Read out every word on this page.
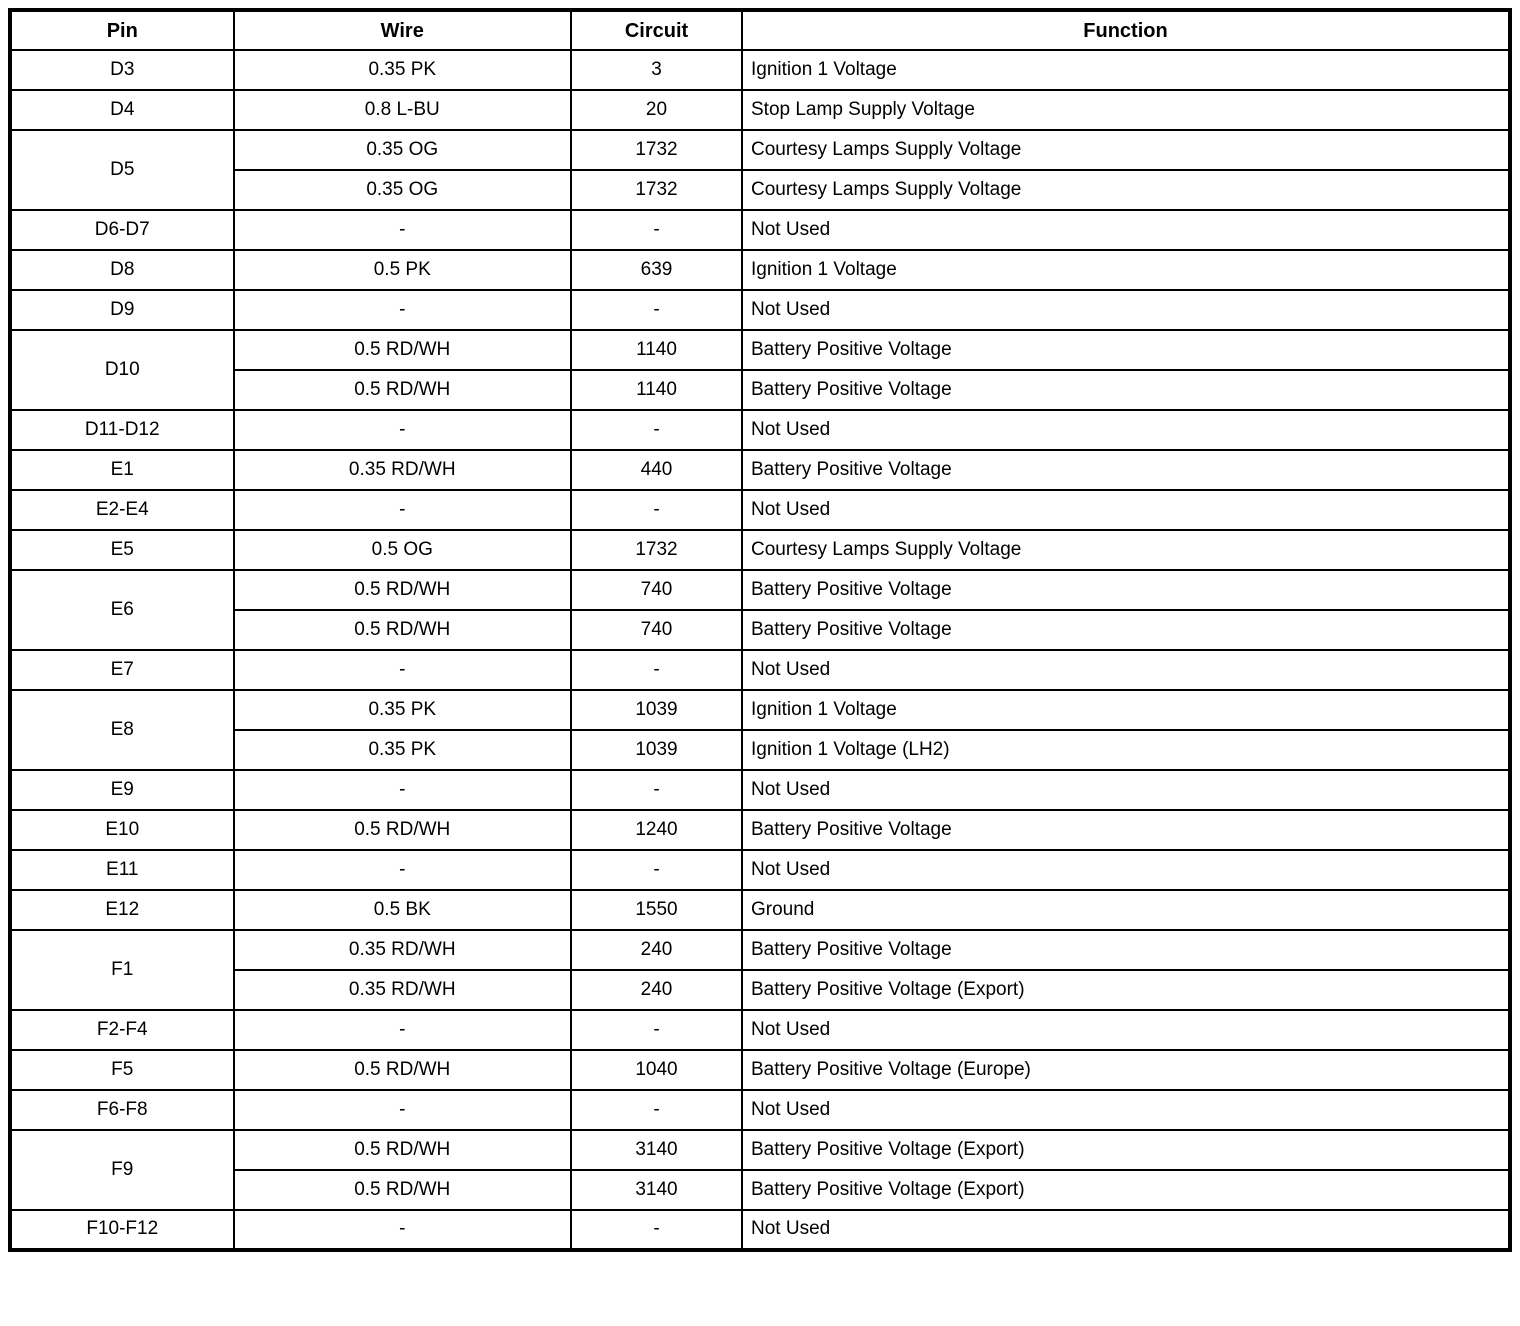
Pin	Wire	Circuit	Function
D3	0.35 PK	3	Ignition 1 Voltage
D4	0.8 L-BU	20	Stop Lamp Supply Voltage
D5	0.35 OG	1732	Courtesy Lamps Supply Voltage
	0.35 OG	1732	Courtesy Lamps Supply Voltage
D6-D7	-	-	Not Used
D8	0.5 PK	639	Ignition 1 Voltage
D9	-	-	Not Used
D10	0.5 RD/WH	1140	Battery Positive Voltage
	0.5 RD/WH	1140	Battery Positive Voltage
D11-D12	-	-	Not Used
E1	0.35 RD/WH	440	Battery Positive Voltage
E2-E4	-	-	Not Used
E5	0.5 OG	1732	Courtesy Lamps Supply Voltage
E6	0.5 RD/WH	740	Battery Positive Voltage
	0.5 RD/WH	740	Battery Positive Voltage
E7	-	-	Not Used
E8	0.35 PK	1039	Ignition 1 Voltage
	0.35 PK	1039	Ignition 1 Voltage (LH2)
E9	-	-	Not Used
E10	0.5 RD/WH	1240	Battery Positive Voltage
E11	-	-	Not Used
E12	0.5 BK	1550	Ground
F1	0.35 RD/WH	240	Battery Positive Voltage
	0.35 RD/WH	240	Battery Positive Voltage (Export)
F2-F4	-	-	Not Used
F5	0.5 RD/WH	1040	Battery Positive Voltage (Europe)
F6-F8	-	-	Not Used
F9	0.5 RD/WH	3140	Battery Positive Voltage (Export)
	0.5 RD/WH	3140	Battery Positive Voltage (Export)
F10-F12	-	-	Not Used
